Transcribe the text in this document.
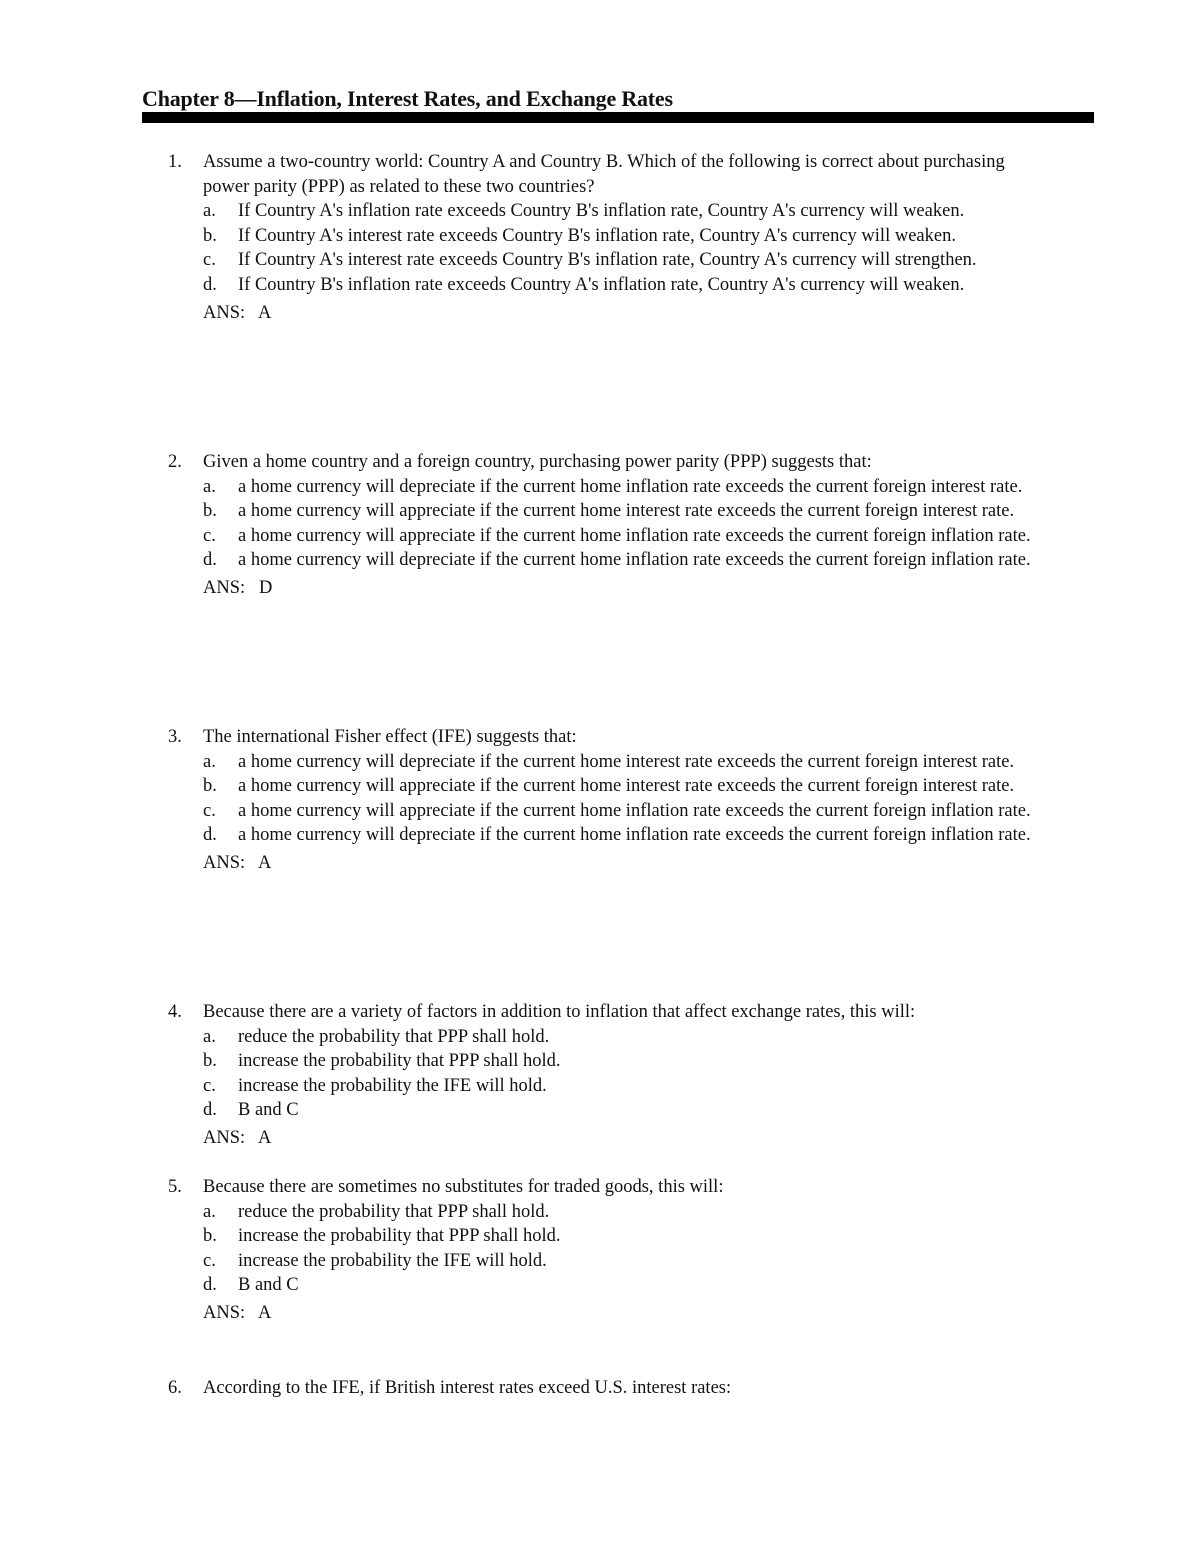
Chapter 8—Inflation, Interest Rates, and Exchange Rates
1.	Assume a two-country world: Country A and Country B. Which of the following is correct about purchasing power parity (PPP) as related to these two countries?
a.	If Country A's inflation rate exceeds Country B's inflation rate, Country A's currency will weaken.
b.	If Country A's interest rate exceeds Country B's inflation rate, Country A's currency will weaken.
c.	If Country A's interest rate exceeds Country B's inflation rate, Country A's currency will strengthen.
d.	If Country B's inflation rate exceeds Country A's inflation rate, Country A's currency will weaken.
ANS:   A
2.	Given a home country and a foreign country, purchasing power parity (PPP) suggests that:
a.	a home currency will depreciate if the current home inflation rate exceeds the current foreign interest rate.
b.	a home currency will appreciate if the current home interest rate exceeds the current foreign interest rate.
c.	a home currency will appreciate if the current home inflation rate exceeds the current foreign inflation rate.
d.	a home currency will depreciate if the current home inflation rate exceeds the current foreign inflation rate.
ANS:   D
3.	The international Fisher effect (IFE) suggests that:
a.	a home currency will depreciate if the current home interest rate exceeds the current foreign interest rate.
b.	a home currency will appreciate if the current home interest rate exceeds the current foreign interest rate.
c.	a home currency will appreciate if the current home inflation rate exceeds the current foreign inflation rate.
d.	a home currency will depreciate if the current home inflation rate exceeds the current foreign inflation rate.
ANS:   A
4.	Because there are a variety of factors in addition to inflation that affect exchange rates, this will:
a.	reduce the probability that PPP shall hold.
b.	increase the probability that PPP shall hold.
c.	increase the probability the IFE will hold.
d.	B and C
ANS:   A
5.	Because there are sometimes no substitutes for traded goods, this will:
a.	reduce the probability that PPP shall hold.
b.	increase the probability that PPP shall hold.
c.	increase the probability the IFE will hold.
d.	B and C
ANS:   A
6.	According to the IFE, if British interest rates exceed U.S. interest rates:
